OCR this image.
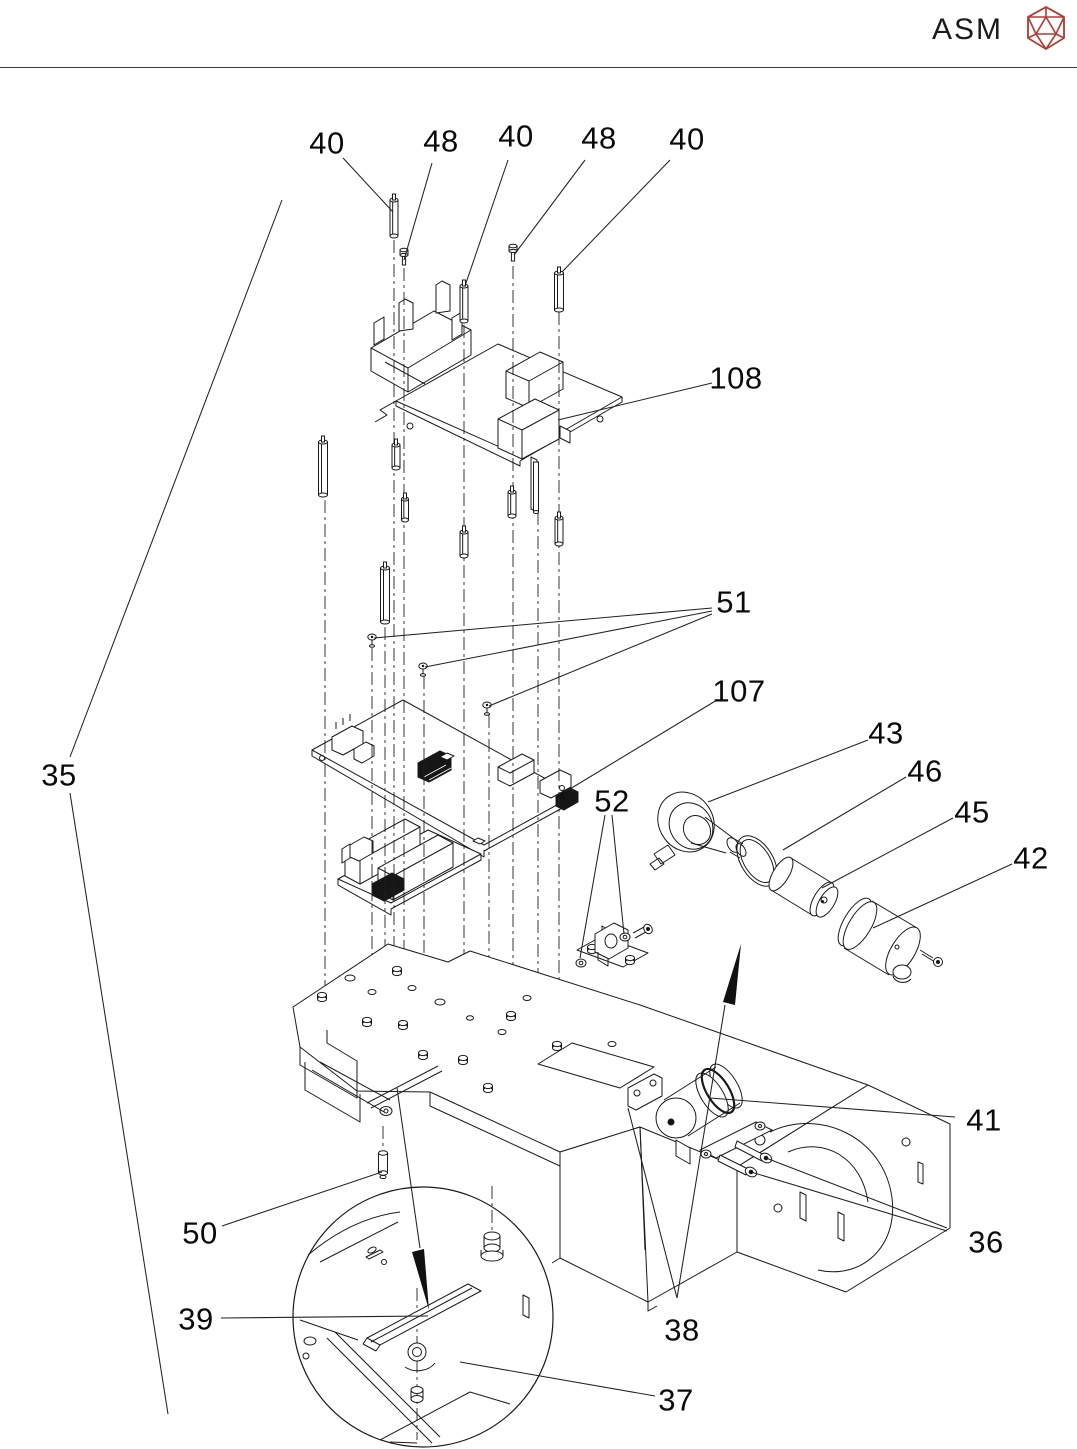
ASM
40	48 40 48 40
108
51
107
43
46
45
42
52
35
41
36
50
39	38
37
